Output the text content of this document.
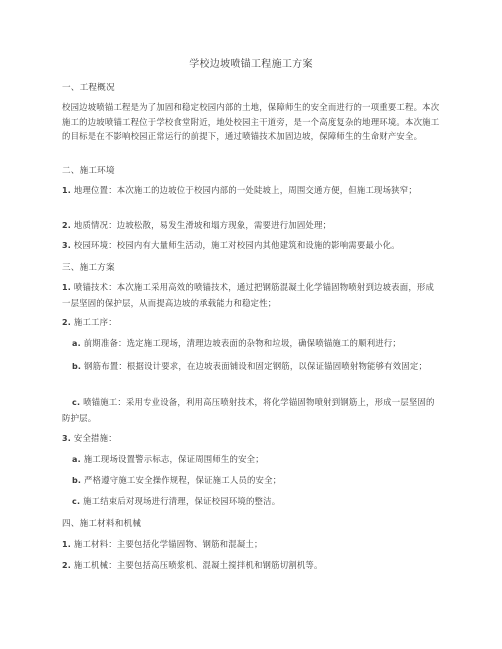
学校边坡喷锚工程施工方案
一、工程概况
校园边坡喷锚工程是为了加固和稳定校园内部的土地，保障师生的安全而进行的一项重要工程。本次施工的边坡喷锚工程位于学校食堂附近，地处校园主干道旁，是一个高度复杂的地理环境。本次施工的目标是在不影响校园正常运行的前提下，通过喷锚技术加固边坡，保障师生的生命财产安全。
二、施工环境
1. 地理位置：本次施工的边坡位于校园内部的一处陡坡上，周围交通方便，但施工现场狭窄；
2. 地质情况：边坡松散，易发生滑坡和塌方现象，需要进行加固处理；
3. 校园环境：校园内有大量师生活动，施工对校园内其他建筑和设施的影响需要最小化。
三、施工方案
1. 喷锚技术：本次施工采用高效的喷锚技术，通过把钢筋混凝土化学锚固物喷射到边坡表面，形成一层坚固的保护层，从而提高边坡的承载能力和稳定性；
2. 施工工序：
a. 前期准备：选定施工现场，清理边坡表面的杂物和垃圾，确保喷锚施工的顺利进行；
b. 钢筋布置：根据设计要求，在边坡表面铺设和固定钢筋，以保证锚固喷射物能够有效固定；
c. 喷锚施工：采用专业设备，利用高压喷射技术，将化学锚固物喷射到钢筋上，形成一层坚固的防护层。
3. 安全措施：
a. 施工现场设置警示标志，保证周围师生的安全；
b. 严格遵守施工安全操作规程，保证施工人员的安全；
c. 施工结束后对现场进行清理，保证校园环境的整洁。
四、施工材料和机械
1. 施工材料：主要包括化学锚固物、钢筋和混凝土；
2. 施工机械：主要包括高压喷浆机、混凝土搅拌机和钢筋切割机等。
